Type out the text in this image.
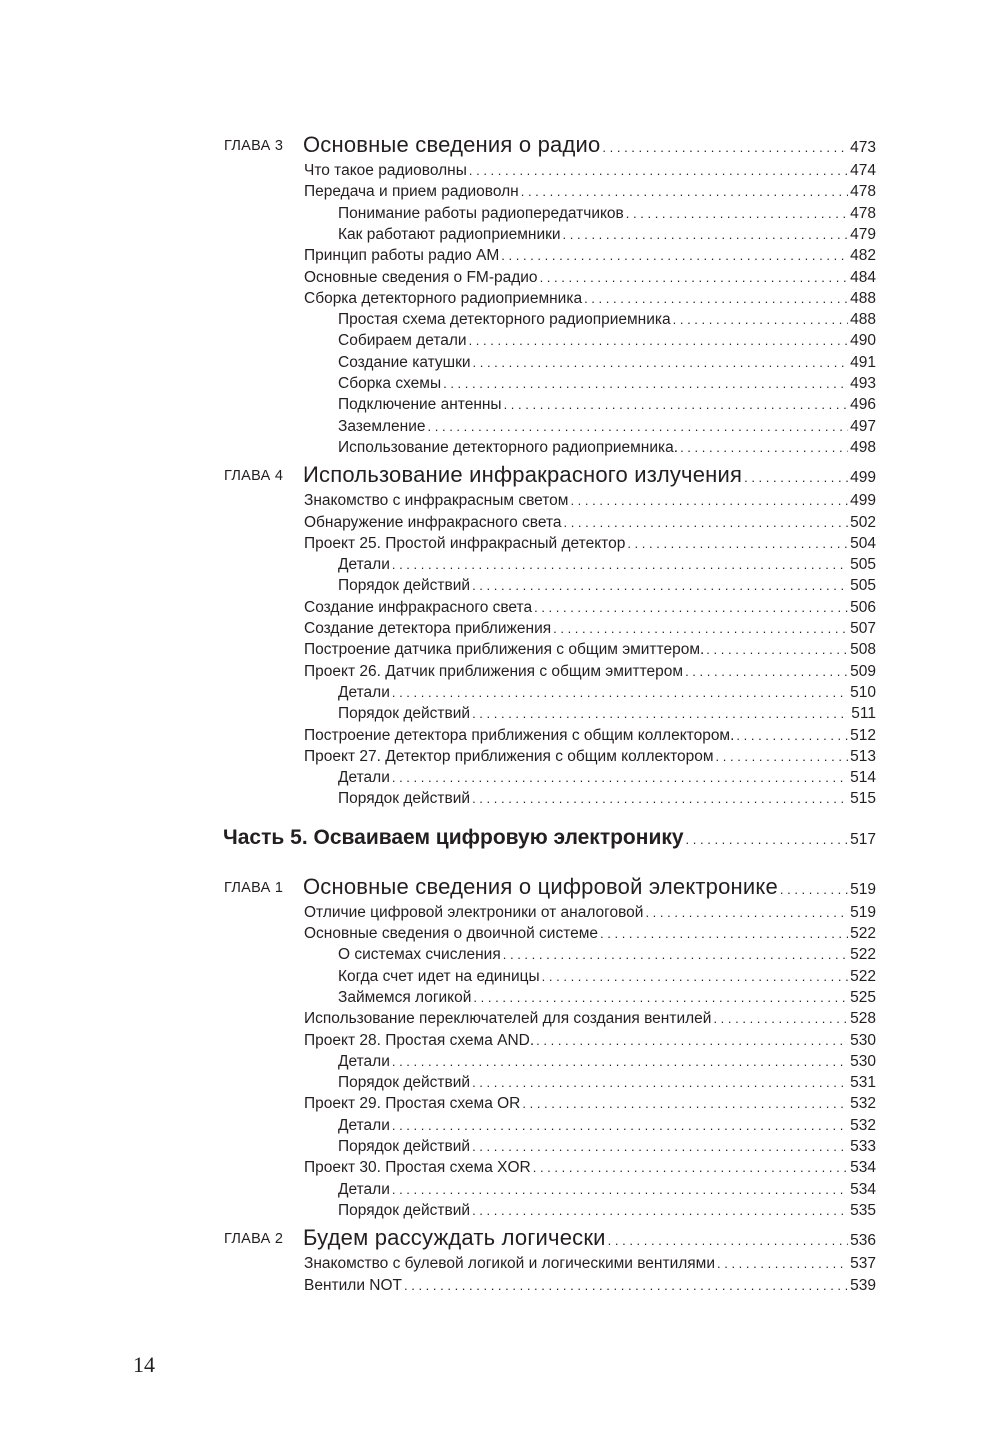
ГЛАВА 3 Основные сведения о радио . . .	473
Что такое радиоволны . . .	474
Передача и прием радиоволн . . .	478
Понимание работы радиопередатчиков . . .	478
Как работают радиоприемники . . .	479
Принцип работы радио AM . . .	482
Основные сведения о FM-радио . . .	484
Сборка детекторного радиоприемника . . .	488
Простая схема детекторного радиоприемника . . .	488
Собираем детали . . .	490
Создание катушки . . .	491
Сборка схемы . . .	493
Подключение антенны . . .	496
Заземление . . .	497
Использование детекторного радиоприемника. . . .	498
ГЛАВА 4 Использование инфракрасного излучения . . .	499
Знакомство с инфракрасным светом . . .	499
Обнаружение инфракрасного света . . .	502
Проект 25. Простой инфракрасный детектор . . .	504
Детали . . .	505
Порядок действий . . .	505
Создание инфракрасного света . . .	506
Создание детектора приближения . . .	507
Построение датчика приближения с общим эмиттером. . . .	508
Проект 26. Датчик приближения с общим эмиттером . . .	509
Детали . . .	510
Порядок действий . . .	511
Построение детектора приближения с общим коллектором. . . .	512
Проект 27. Детектор приближения с общим коллектором . . .	513
Детали . . .	514
Порядок действий . . .	515
Часть 5. Осваиваем цифровую электронику . . .	517
ГЛАВА 1 Основные сведения о цифровой электронике . . .	519
Отличие цифровой электроники от аналоговой . . .	519
Основные сведения о двоичной системе . . .	522
О системах счисления . . .	522
Когда счет идет на единицы . . .	522
Займемся логикой . . .	525
Использование переключателей для создания вентилей . . .	528
Проект 28. Простая схема AND. . . .	530
Детали . . .	530
Порядок действий . . .	531
Проект 29. Простая схема OR . . .	532
Детали . . .	532
Порядок действий . . .	533
Проект 30. Простая схема XOR . . .	534
Детали . . .	534
Порядок действий . . .	535
ГЛАВА 2 Будем рассуждать логически . . .	536
Знакомство с булевой логикой и логическими вентилями . . .	537
Вентили NOT . . .	539
14
